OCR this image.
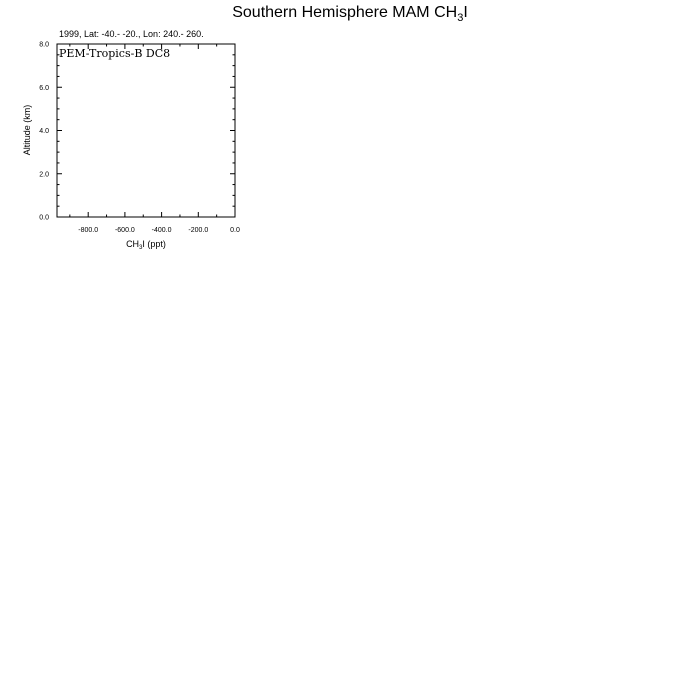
Southern Hemisphere MAM $CH_3I$
1999, Lat: -40.- -20., Lon: 240.- 260.
-800.0 -600.0 -400.0 -200.0	0.0
0.0
2.0
4.0
6.0
8.0
PEM-Tropics-B DC8
$CH_3I$ (ppt)
Altitude (km)
